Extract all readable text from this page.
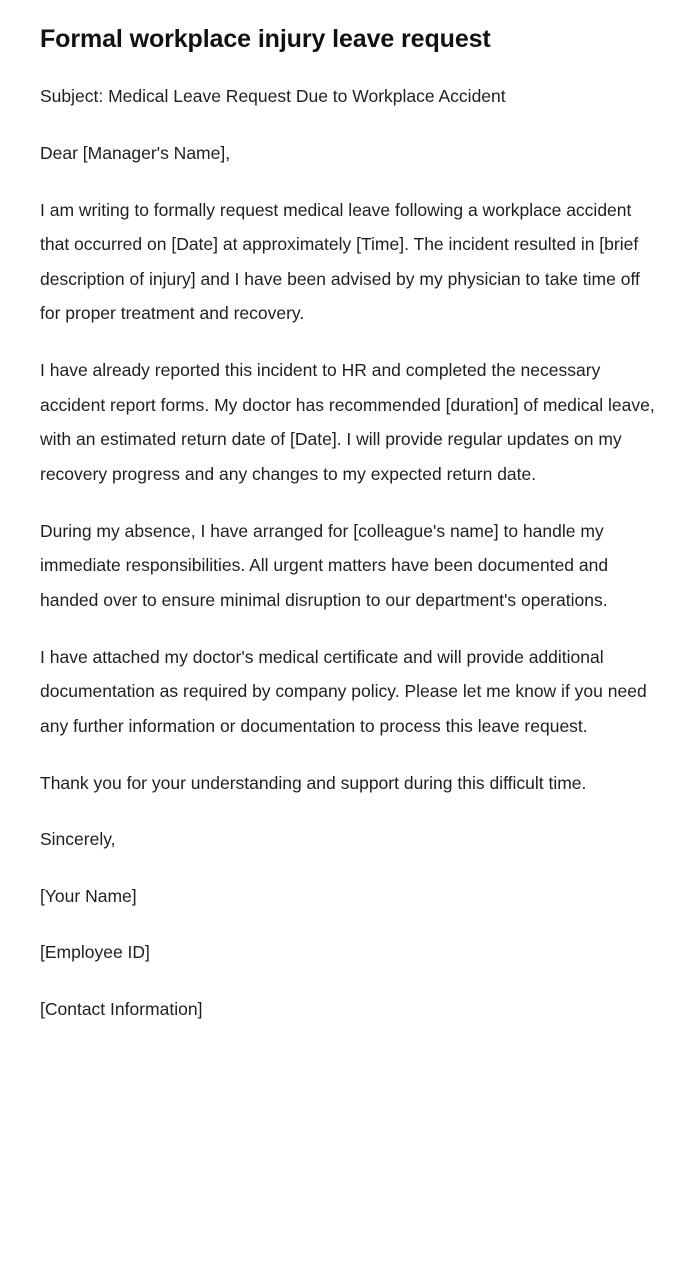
Formal workplace injury leave request

Subject: Medical Leave Request Due to Workplace Accident

Dear [Manager's Name],

I am writing to formally request medical leave following a workplace accident that occurred on [Date] at approximately [Time]. The incident resulted in [brief description of injury] and I have been advised by my physician to take time off for proper treatment and recovery.

I have already reported this incident to HR and completed the necessary accident report forms. My doctor has recommended [duration] of medical leave, with an estimated return date of [Date]. I will provide regular updates on my recovery progress and any changes to my expected return date.

During my absence, I have arranged for [colleague's name] to handle my immediate responsibilities. All urgent matters have been documented and handed over to ensure minimal disruption to our department's operations.

I have attached my doctor's medical certificate and will provide additional documentation as required by company policy. Please let me know if you need any further information or documentation to process this leave request.

Thank you for your understanding and support during this difficult time.

Sincerely,

[Your Name]

[Employee ID]

[Contact Information]
